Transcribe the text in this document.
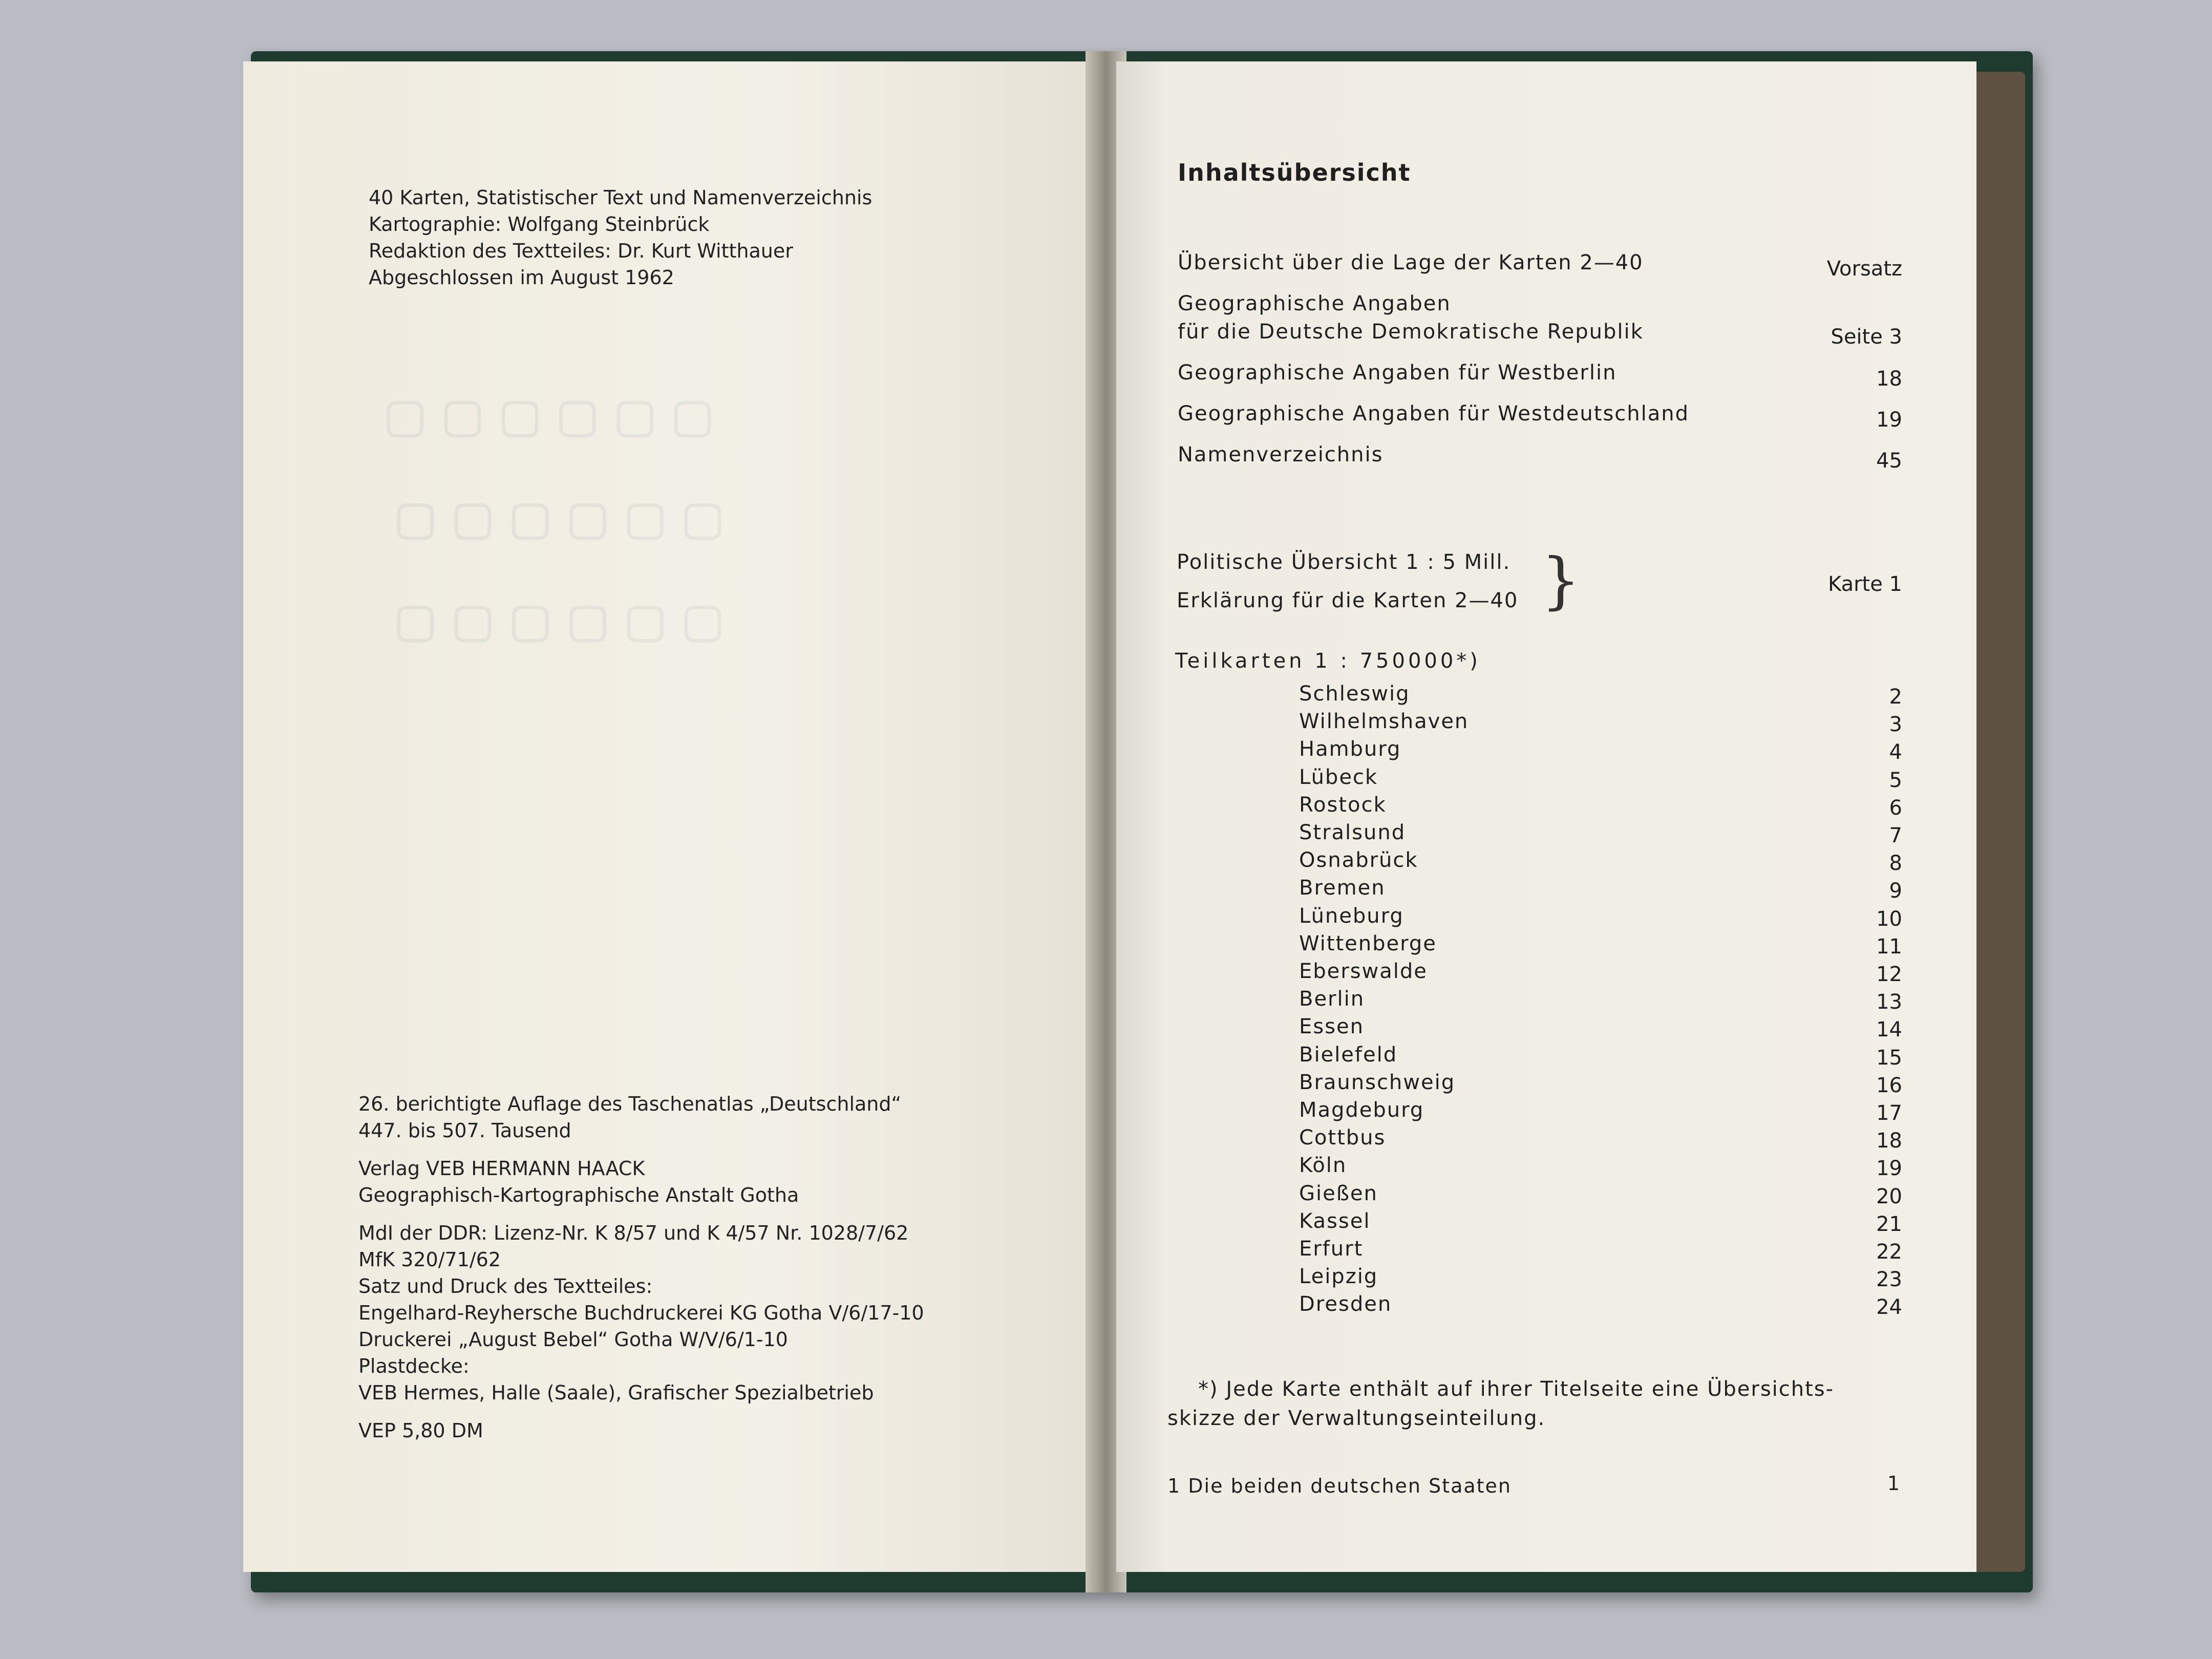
▢▢▢▢▢▢
▢▢▢▢▢▢
▢▢▢▢▢▢
40 Karten, Statistischer Text und Namenverzeichnis
Kartographie: Wolfgang Steinbrück
Redaktion des Textteiles: Dr. Kurt Witthauer
Abgeschlossen im August 1962
26. berichtigte Auflage des Taschenatlas „Deutschland“
447. bis 507. Tausend
Verlag VEB HERMANN HAACK
Geographisch-Kartographische Anstalt Gotha
MdI der DDR: Lizenz-Nr. K 8/57 und K 4/57 Nr. 1028/7/62
MfK 320/71/62
Satz und Druck des Textteiles:
Engelhard-Reyhersche Buchdruckerei KG Gotha V/6/17-10
Druckerei „August Bebel“ Gotha W/V/6/1-10
Plastdecke:
VEB Hermes, Halle (Saale), Grafischer Spezialbetrieb
VEP 5,80 DM
Inhaltsübersicht
Übersicht über die Lage der Karten 2—40	Vorsatz
Geographische Angaben
für die Deutsche Demokratische Republik	Seite 3
Geographische Angaben für Westberlin	18
Geographische Angaben für Westdeutschland	19
Namenverzeichnis	45
Politische Übersicht 1 : 5 Mill.
Erklärung für die Karten 2—40 }	Karte 1
Teilkarten 1 : 750000*)
Schleswig	2
Wilhelmshaven	3
Hamburg	4
Lübeck	5
Rostock	6
Stralsund	7
Osnabrück	8
Bremen	9
Lüneburg	10
Wittenberge	11
Eberswalde	12
Berlin	13
Essen	14
Bielefeld	15
Braunschweig	16
Magdeburg	17
Cottbus	18
Köln	19
Gießen	20
Kassel	21
Erfurt	22
Leipzig	23
Dresden	24
*) Jede Karte enthält auf ihrer Titelseite eine Übersichts-
skizze der Verwaltungseinteilung.
1 Die beiden deutschen Staaten	1
